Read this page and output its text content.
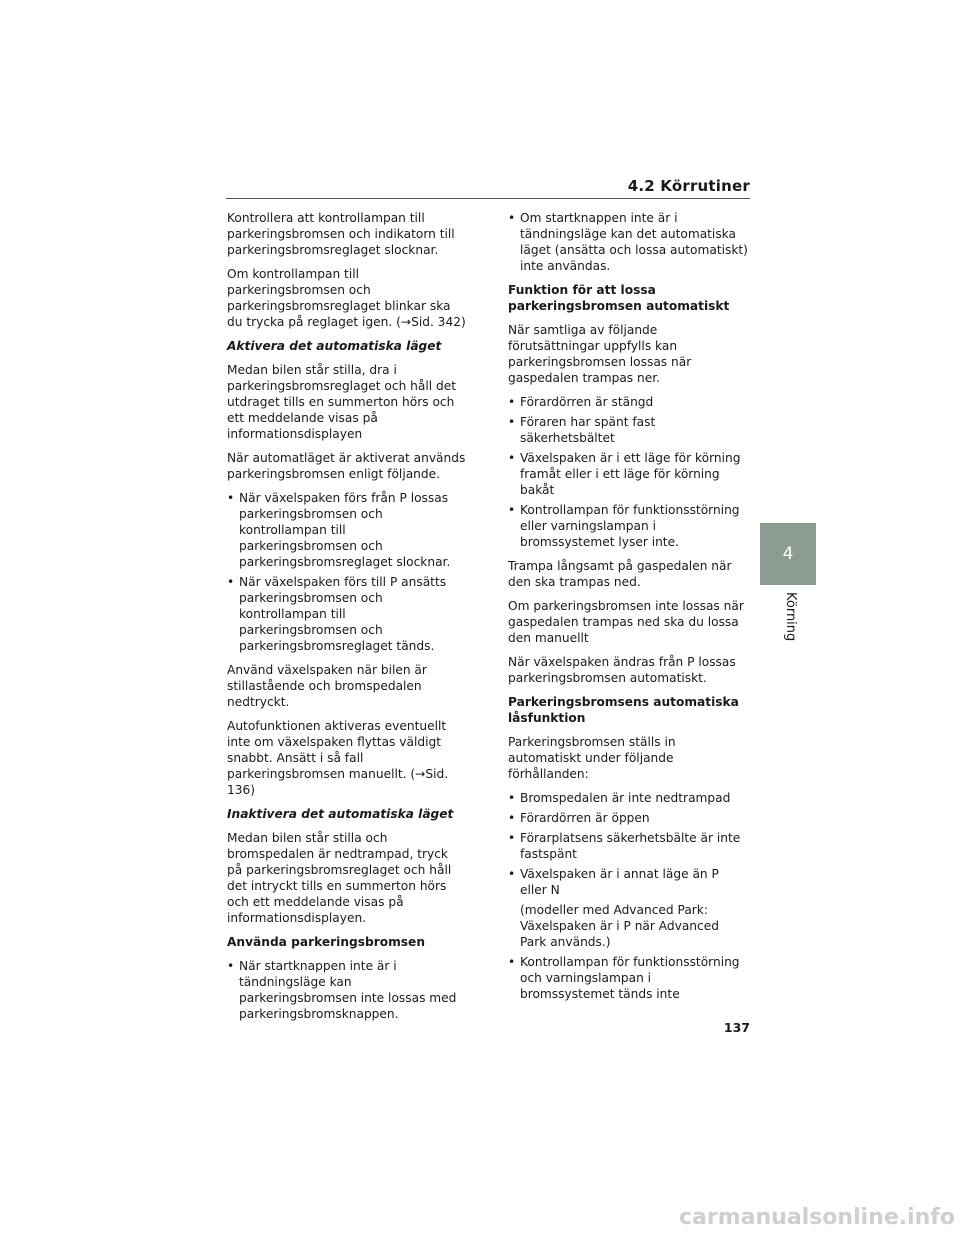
4.2 Körrutiner

Kontrollera att kontrollampan till parkeringsbromsen och indikatorn till parkeringsbromsreglaget slocknar.

Om kontrollampan till parkeringsbromsen och parkeringsbromsreglaget blinkar ska du trycka på reglaget igen. (→Sid. 342)

Aktivera det automatiska läget

Medan bilen står stilla, dra i parkeringsbromsreglaget och håll det utdraget tills en summerton hörs och ett meddelande visas på informationsdisplayen

När automatläget är aktiverat används parkeringsbromsen enligt följande.

• När växelspaken förs från P lossas parkeringsbromsen och kontrollampan till parkeringsbromsen och parkeringsbromsreglaget slocknar.
• När växelspaken förs till P ansätts parkeringsbromsen och kontrollampan till parkeringsbromsen och parkeringsbromsreglaget tänds.

Använd växelspaken när bilen är stillastående och bromspedalen nedtryckt.

Autofunktionen aktiveras eventuellt inte om växelspaken flyttas väldigt snabbt. Ansätt i så fall parkeringsbromsen manuellt. (→Sid. 136)

Inaktivera det automatiska läget

Medan bilen står stilla och bromspedalen är nedtrampad, tryck på parkeringsbromsreglaget och håll det intryckt tills en summerton hörs och ett meddelande visas på informationsdisplayen.

Använda parkeringsbromsen
• När startknappen inte är i tändningsläge kan parkeringsbromsen inte lossas med parkeringsbromsknappen.
• Om startknappen inte är i tändningsläge kan det automatiska läget (ansätta och lossa automatiskt) inte användas.
Funktion för att lossa parkeringsbromsen automatiskt

När samtliga av följande förutsättningar uppfylls kan parkeringsbromsen lossas när gaspedalen trampas ner.

• Förardörren är stängd
• Föraren har spänt fast säkerhetsbältet
• Växelspaken är i ett läge för körning framåt eller i ett läge för körning bakåt
• Kontrollampan för funktionsstörning eller varningslampan i bromssystemet lyser inte.

Trampa långsamt på gaspedalen när den ska trampas ned.

Om parkeringsbromsen inte lossas när gaspedalen trampas ned ska du lossa den manuellt

När växelspaken ändras från P lossas parkeringsbromsen automatiskt.

Parkeringsbromsens automatiska låsfunktion

Parkeringsbromsen ställs in automatiskt under följande förhållanden:

• Bromspedalen är inte nedtrampad
• Förardörren är öppen
• Förarplatsens säkerhetsbälte är inte fastspänt
• Växelspaken är i annat läge än P eller N

(modeller med Advanced Park: Växelspaken är i P när Advanced Park används.)

• Kontrollampan för funktionsstörning och varningslampan i bromssystemet tänds inte
4
Körning
137
carmanualsonline.info
